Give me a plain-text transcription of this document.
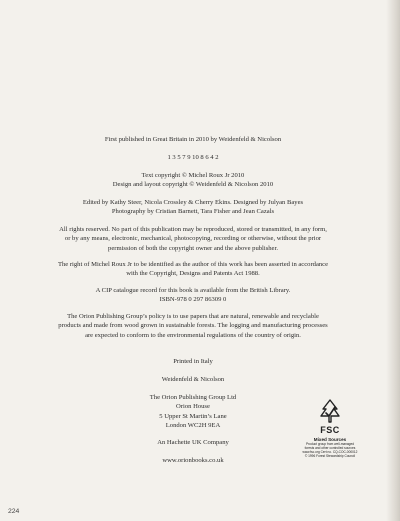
First published in Great Britain in 2010 by Weidenfeld & Nicolson

1 3 5 7 9 10 8 6 4 2

Text copyright © Michel Roux Jr 2010

Design and layout copyright © Weidenfeld & Nicolson 2010

Edited by Kathy Steer, Nicola Crossley & Cherry Ekins. Designed by Julyan Bayes

Photography by Cristian Barnett, Tara Fisher and Jean Cazals

All rights reserved. No part of this publication may be reproduced, stored or transmitted, in any form,

or by any means, electronic, mechanical, photocopying, recording or otherwise, without the prior

permission of both the copyright owner and the above publisher.

The right of Michel Roux Jr to be identified as the author of this work has been asserted in accordance

with the Copyright, Designs and Patents Act 1988.

A CIP catalogue record for this book is available from the British Library.

ISBN-978 0 297 86309 0

The Orion Publishing Group’s policy is to use papers that are natural, renewable and recyclable

products and made from wood grown in sustainable forests. The logging and manufacturing processes

are expected to conform to the environmental regulations of the country of origin.

Printed in Italy

Weidenfeld & Nicolson

The Orion Publishing Group Ltd

Orion House

5 Upper St Martin’s Lane

London WC2H 9EA

An Hachette UK Company

www.orionbooks.co.uk

FSC
Mixed Sources
Product group from well-managed
forests and other controlled sources
www.fsc.org Cert no. CQ-COC-000012
© 1996 Forest Stewardship Council
224
